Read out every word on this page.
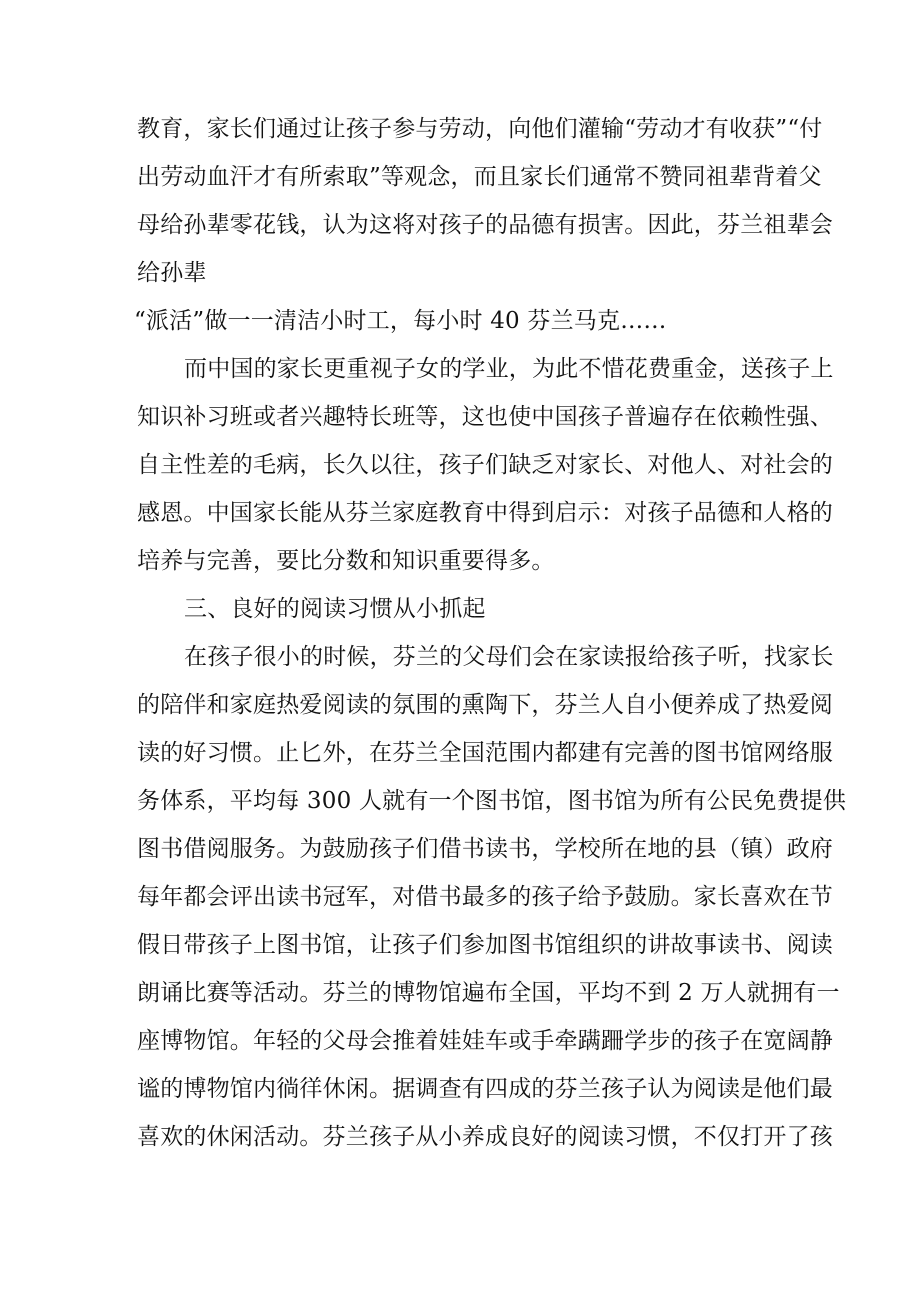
教育，家长们通过让孩子参与劳动，向他们灌输“劳动才有收获”“付
出劳动血汗才有所索取”等观念，而且家长们通常不赞同祖辈背着父
母给孙辈零花钱，认为这将对孩子的品德有损害。因此，芬兰祖辈会
给孙辈
“派活”做一一清洁小时工，每小时 40 芬兰马克……
而中国的家长更重视子女的学业，为此不惜花费重金，送孩子上
知识补习班或者兴趣特长班等，这也使中国孩子普遍存在依赖性强、
自主性差的毛病，长久以往，孩子们缺乏对家长、对他人、对社会的
感恩。中国家长能从芬兰家庭教育中得到启示：对孩子品德和人格的
培养与完善，要比分数和知识重要得多。
三、良好的阅读习惯从小抓起
在孩子很小的时候，芬兰的父母们会在家读报给孩子听，找家长
的陪伴和家庭热爱阅读的氛围的熏陶下，芬兰人自小便养成了热爱阅
读的好习惯。止匕外，在芬兰全国范围内都建有完善的图书馆网络服
务体系，平均每 300 人就有一个图书馆，图书馆为所有公民免费提供
图书借阅服务。为鼓励孩子们借书读书，学校所在地的县（镇）政府
每年都会评出读书冠军，对借书最多的孩子给予鼓励。家长喜欢在节
假日带孩子上图书馆，让孩子们参加图书馆组织的讲故事读书、阅读
朗诵比赛等活动。芬兰的博物馆遍布全国，平均不到 2 万人就拥有一
座博物馆。年轻的父母会推着娃娃车或手牵蹒跚学步的孩子在宽阔静
谧的博物馆内徜徉休闲。据调查有四成的芬兰孩子认为阅读是他们最
喜欢的休闲活动。芬兰孩子从小养成良好的阅读习惯，不仅打开了孩
